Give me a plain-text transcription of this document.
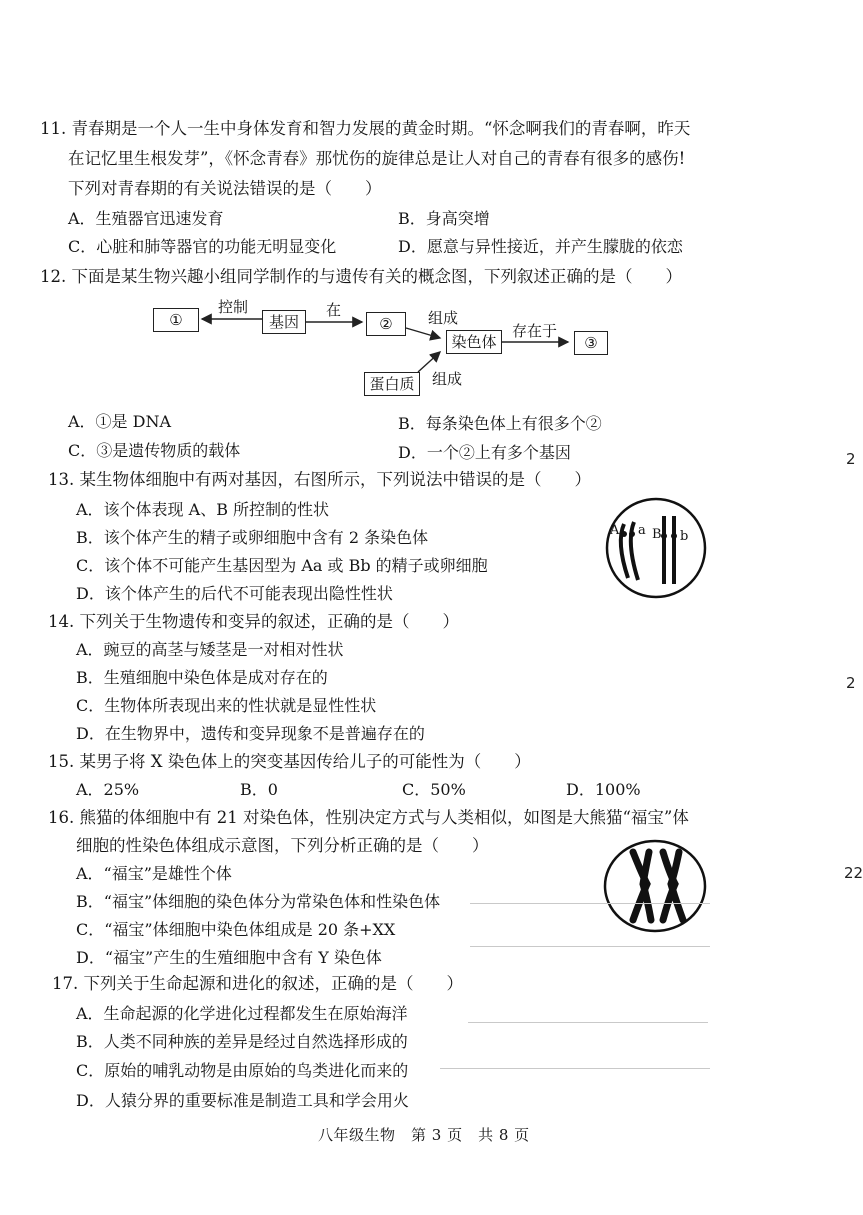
11. 青春期是一个人一生中身体发育和智力发展的黄金时期。“怀念啊我们的青春啊，昨天
在记忆里生根发芽”，《怀念青春》那忧伤的旋律总是让人对自己的青春有很多的感伤!
下列对青春期的有关说法错误的是（　　）
A．生殖器官迅速发育	B．身高突增
C．心脏和肺等器官的功能无明显变化	D．愿意与异性接近，并产生朦胧的依恋
12. 下面是某生物兴趣小组同学制作的与遗传有关的概念图，下列叙述正确的是（　　）
①	基因	②
染色体	③
蛋白质
控制	在	组成
存在于
组成
A．①是 DNA	B．每条染色体上有很多个②
C．③是遗传物质的载体	D．一个②上有多个基因
13. 某生物体细胞中有两对基因，右图所示，下列说法中错误的是（　　）
A．该个体表现 A、B 所控制的性状
B．该个体产生的精子或卵细胞中含有 2 条染色体
C．该个体不可能产生基因型为 Aa 或 Bb 的精子或卵细胞
D．该个体产生的后代不可能表现出隐性性状
A a B b
14. 下列关于生物遗传和变异的叙述，正确的是（　　）
A．豌豆的高茎与矮茎是一对相对性状
B．生殖细胞中染色体是成对存在的
C．生物体所表现出来的性状就是显性性状
D．在生物界中，遗传和变异现象不是普遍存在的
15. 某男子将 X 染色体上的突变基因传给儿子的可能性为（　　）
A．25%	B．0	C．50%	D．100%
16. 熊猫的体细胞中有 21 对染色体，性别决定方式与人类相似，如图是大熊猫“福宝”体
细胞的性染色体组成示意图，下列分析正确的是（　　）
A．“福宝”是雄性个体
B．“福宝”体细胞的染色体分为常染色体和性染色体
C．“福宝”体细胞中染色体组成是 20 条+XX
D．“福宝”产生的生殖细胞中含有 Y 染色体
17. 下列关于生命起源和进化的叙述，正确的是（　　）
A．生命起源的化学进化过程都发生在原始海洋
B．人类不同种族的差异是经过自然选择形成的
C．原始的哺乳动物是由原始的鸟类进化而来的
D．人猿分界的重要标准是制造工具和学会用火
八年级生物　第 3 页　共 8 页
2
2
22
